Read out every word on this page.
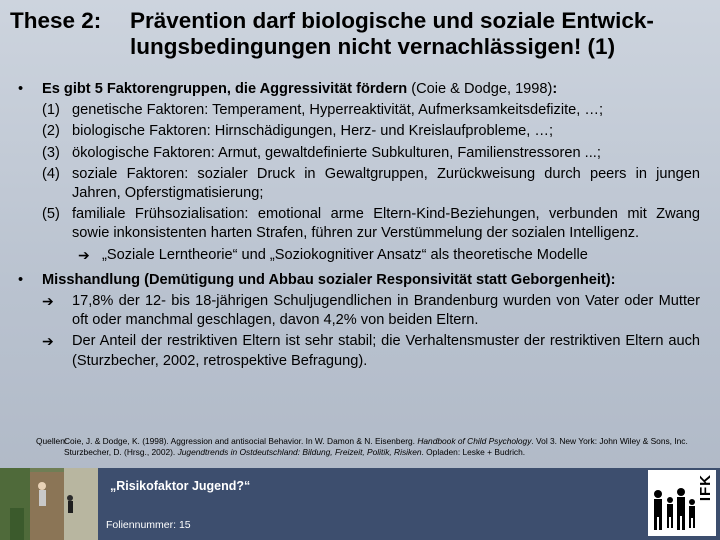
These 2: Prävention darf biologische und soziale Entwick-lungsbedingungen nicht vernachlässigen! (1)
• Es gibt 5 Faktorengruppen, die Aggressivität fördern (Coie & Dodge, 1998):
(1) genetische Faktoren: Temperament, Hyperreaktivität, Aufmerksamkeitsdefizite, …;
(2) biologische Faktoren: Hirnschädigungen, Herz- und Kreislaufprobleme, …;
(3) ökologische Faktoren: Armut, gewaltdefinierte Subkulturen, Familienstressoren ...;
(4) soziale Faktoren: sozialer Druck in Gewaltgruppen, Zurückweisung durch peers in jungen Jahren, Opferstigmatisierung;
(5) familiale Frühsozialisation: emotional arme Eltern-Kind-Beziehungen, verbunden mit Zwang sowie inkonsistenten harten Strafen, führen zur Verstümmelung der sozialen Intelligenz.
➔ „Soziale Lerntheorie“ und „Soziokognitiver Ansatz“ als theoretische Modelle
• Misshandlung (Demütigung und Abbau sozialer Responsivität statt Geborgenheit):
➔ 17,8% der 12- bis 18-jährigen Schuljugendlichen in Brandenburg wurden von Vater oder Mutter oft oder manchmal geschlagen, davon 4,2% von beiden Eltern.
➔ Der Anteil der restriktiven Eltern ist sehr stabil; die Verhaltensmuster der restriktiven Eltern auch (Sturzbecher, 2002, retrospektive Befragung).
Quellen:
Coie, J. & Dodge, K. (1998). Aggression and antisocial Behavior. In W. Damon & N. Eisenberg. Handbook of Child Psychology. Vol 3. New York: John Wiley & Sons, Inc.
Sturzbecher, D. (Hrsg., 2002). Jugendtrends in Ostdeutschland: Bildung, Freizeit, Politik, Risiken. Opladen: Leske + Budrich.
„Risikofaktor Jugend?“
Foliennummer: 15
IFK
